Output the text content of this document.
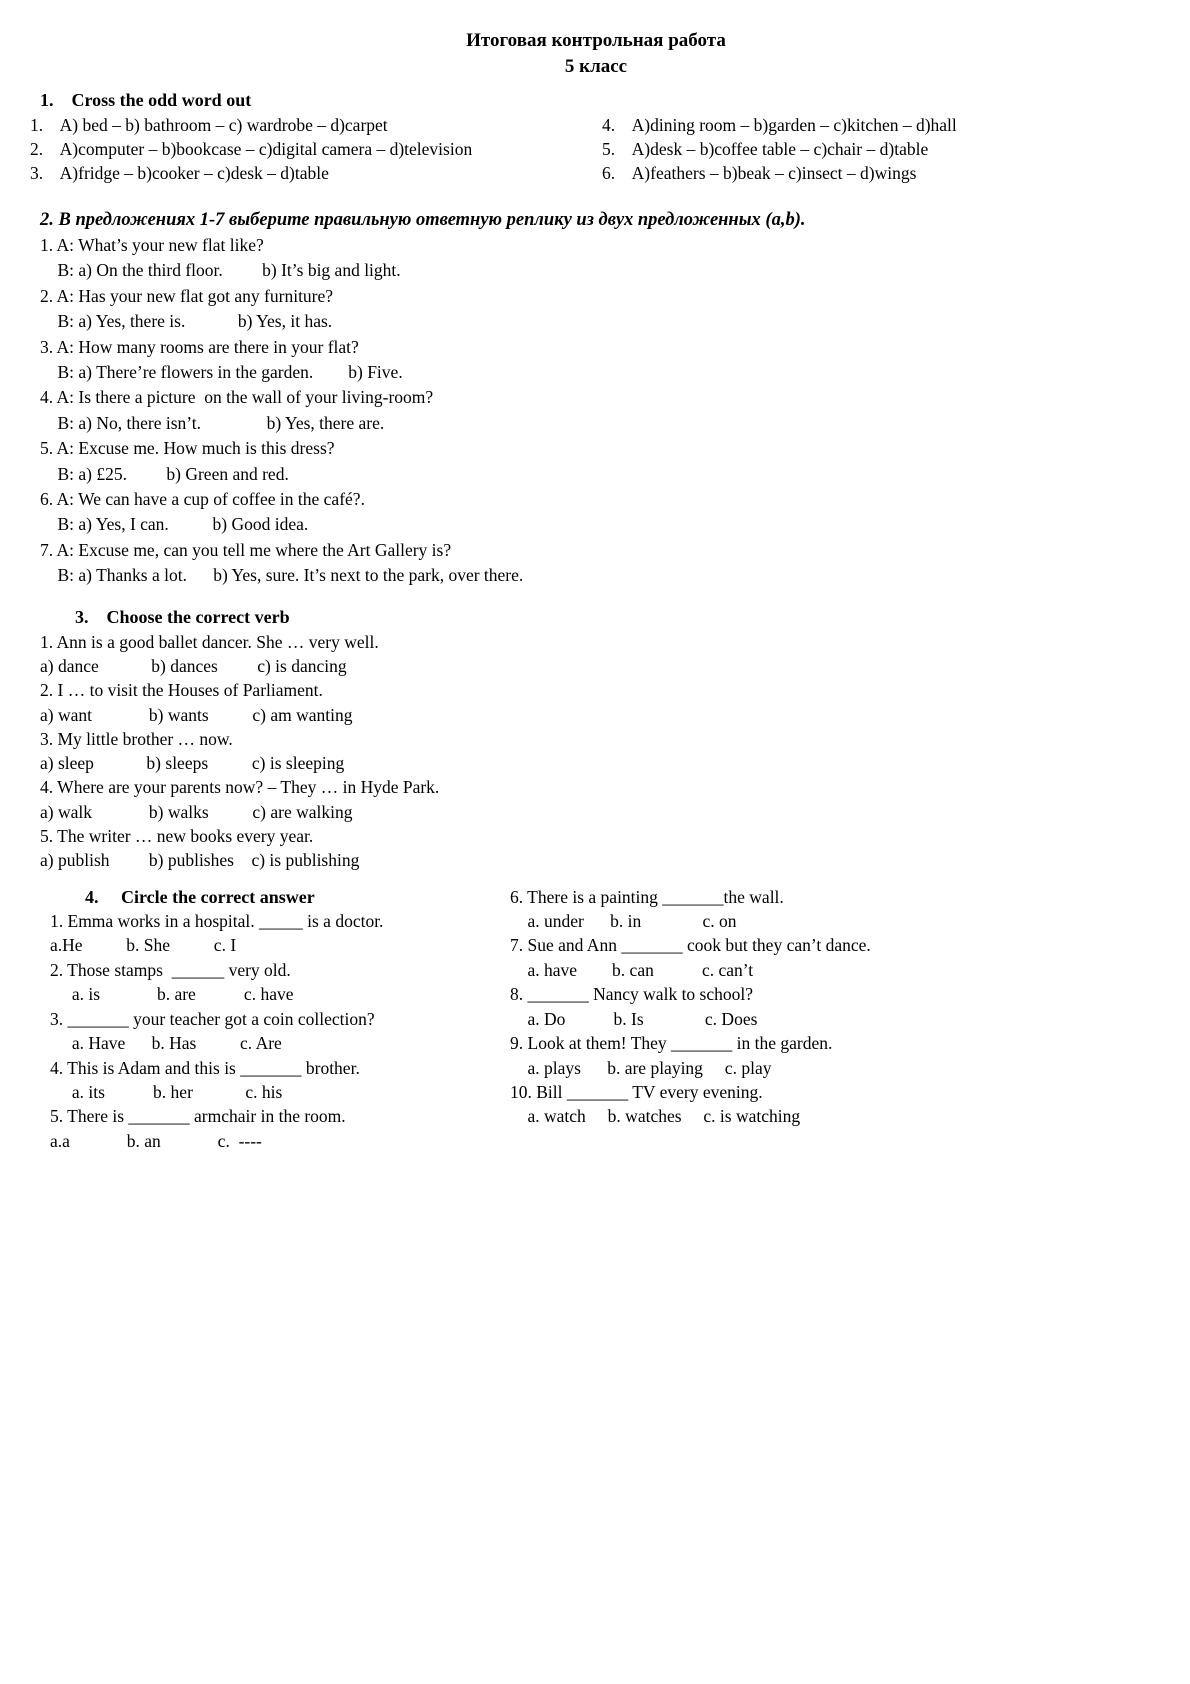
Итоговая контрольная работа
5 класс
1.    Cross the odd word out
1.    A) bed – b) bathroom – c) wardrobe – d)carpet
2.    A)computer – b)bookcase – c)digital camera – d)television
3.    A)fridge – b)cooker – c)desk – d)table
4.    A)dining room – b)garden – c)kitchen – d)hall
5.    A)desk – b)coffee table – c)chair – d)table
6.    A)feathers – b)beak – c)insect – d)wings
2. В предложениях 1-7 выберите правильную ответную реплику из двух предложенных (a,b).
1. A: What’s your new flat like?
B: a) On the third floor.         b) It’s big and light.
2. A: Has your new flat got any furniture?
B: a) Yes, there is.            b) Yes, it has.
3. A: How many rooms are there in your flat?
B: a) There’re flowers in the garden.        b) Five.
4. A: Is there a picture  on the wall of your living-room?
B: a) No, there isn’t.               b) Yes, there are.
5. A: Excuse me. How much is this dress?
B: a) £25.         b) Green and red.
6. A: We can have a cup of coffee in the café?.
B: a) Yes, I can.          b) Good idea.
7. A: Excuse me, can you tell me where the Art Gallery is?
B: a) Thanks a lot.      b) Yes, sure. It’s next to the park, over there.
3.    Choose the correct verb
1. Ann is a good ballet dancer. She … very well.
a) dance            b) dances         c) is dancing
2. I … to visit the Houses of Parliament.
a) want             b) wants          c) am wanting
3. My little brother … now.
a) sleep            b) sleeps          c) is sleeping
4. Where are your parents now? – They … in Hyde Park.
a) walk             b) walks          c) are walking
5. The writer … new books every year.
a) publish         b) publishes    c) is publishing
4.     Circle the correct answer
1. Emma works in a hospital. _____ is a doctor.
a.He          b. She          c. I
2. Those stamps  ______ very old.
a. is             b. are           c. have
3. _______ your teacher got a coin collection?
a. Have      b. Has          c. Are
4. This is Adam and this is _______ brother.
a. its           b. her            c. his
5. There is _______ armchair in the room.
a.a             b. an             c.  ----
6. There is a painting _______the wall.
a. under      b. in              c. on
7. Sue and Ann _______ cook but they can’t dance.
a. have        b. can           c. can’t
8. _______ Nancy walk to school?
a. Do           b. Is              c. Does
9. Look at them! They _______ in the garden.
a. plays      b. are playing     c. play
10. Bill _______ TV every evening.
a. watch     b. watches     c. is watching
